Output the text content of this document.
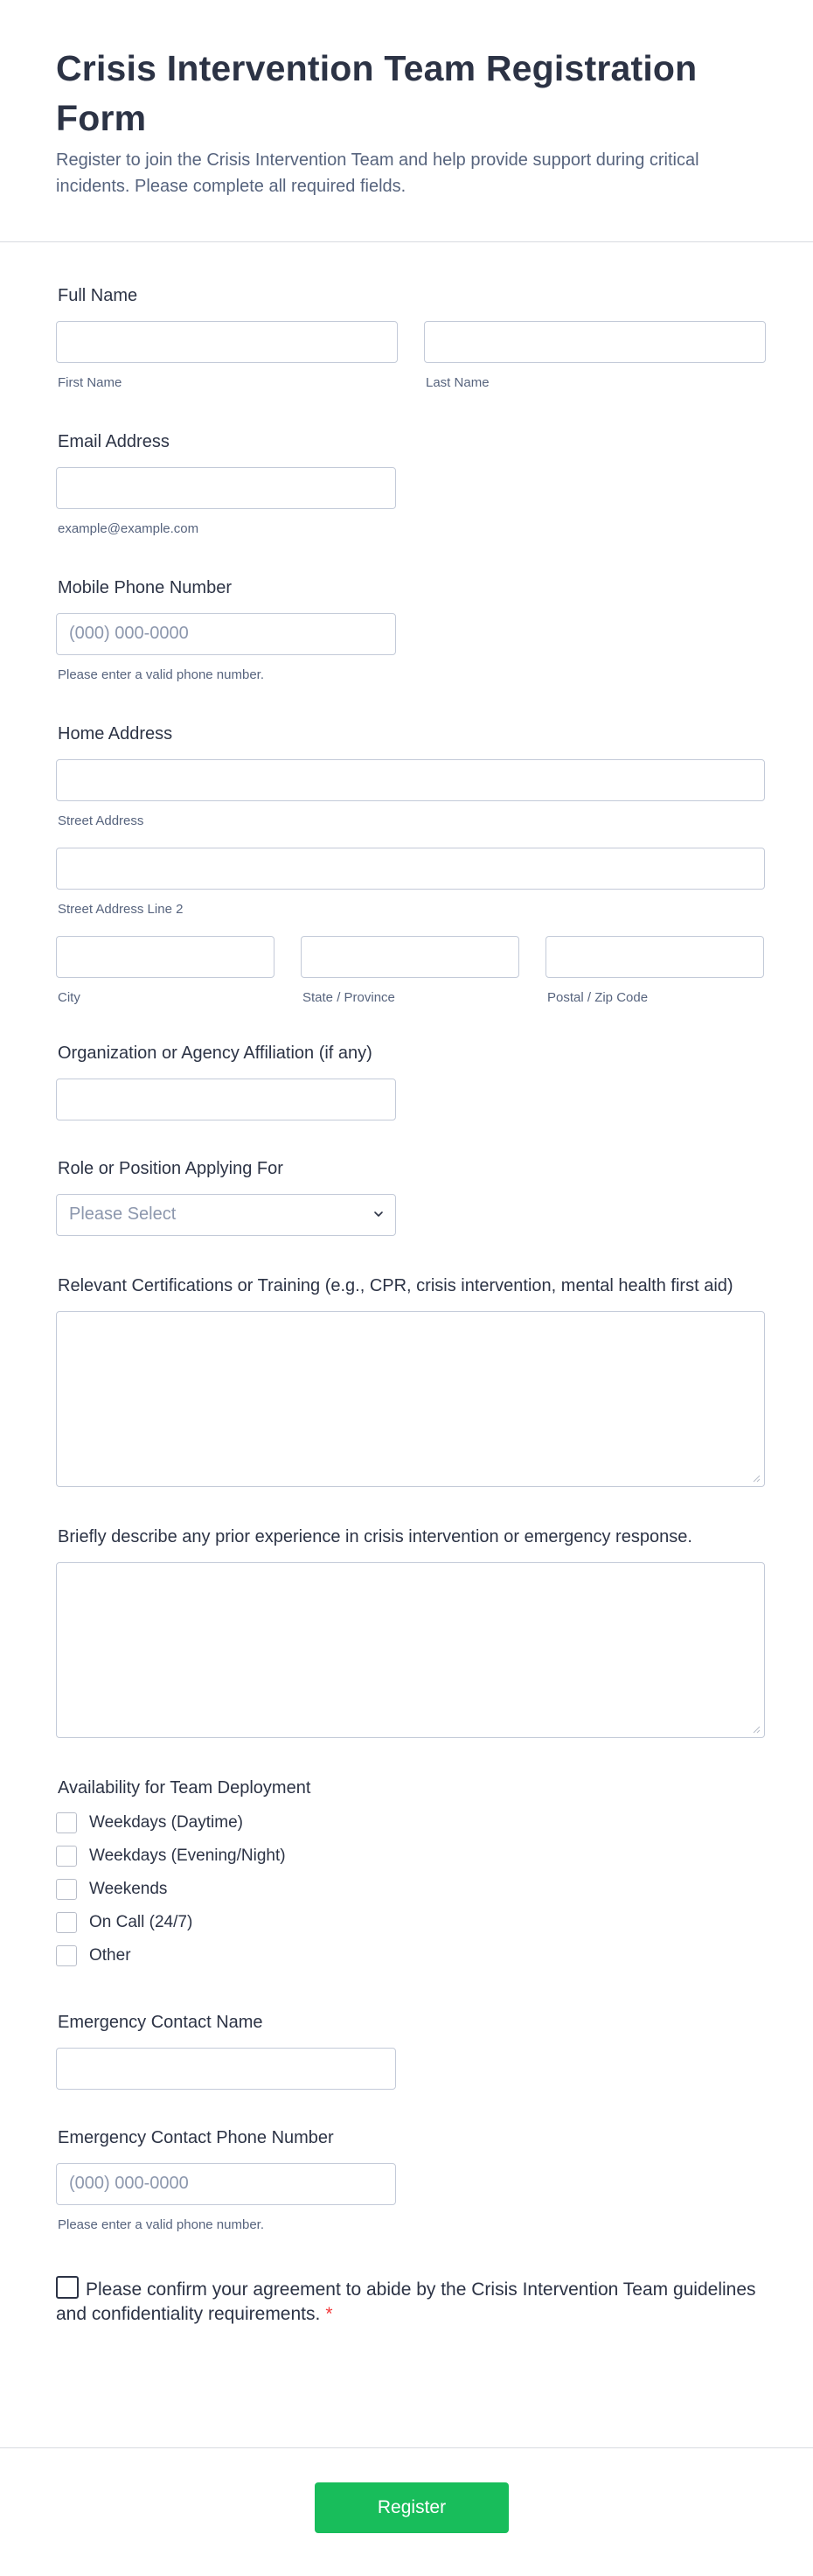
Crisis Intervention Team Registration Form

Register to join the Crisis Intervention Team and help provide support during critical incidents. Please complete all required fields.

Full Name
First Name	Last Name
Email Address
example@example.com
Mobile Phone Number
(000) 000-0000
Please enter a valid phone number.
Home Address
Street Address
Street Address Line 2
City	State / Province	Postal / Zip Code
Organization or Agency Affiliation (if any)
Role or Position Applying For
Please Select
Relevant Certifications or Training (e.g., CPR, crisis intervention, mental health first aid)
Briefly describe any prior experience in crisis intervention or emergency response.
Availability for Team Deployment
Weekdays (Daytime)
Weekdays (Evening/Night)
Weekends
On Call (24/7)
Other
Emergency Contact Name
Emergency Contact Phone Number
(000) 000-0000
Please enter a valid phone number.
Please confirm your agreement to abide by the Crisis Intervention Team guidelines and confidentiality requirements. *
Register
